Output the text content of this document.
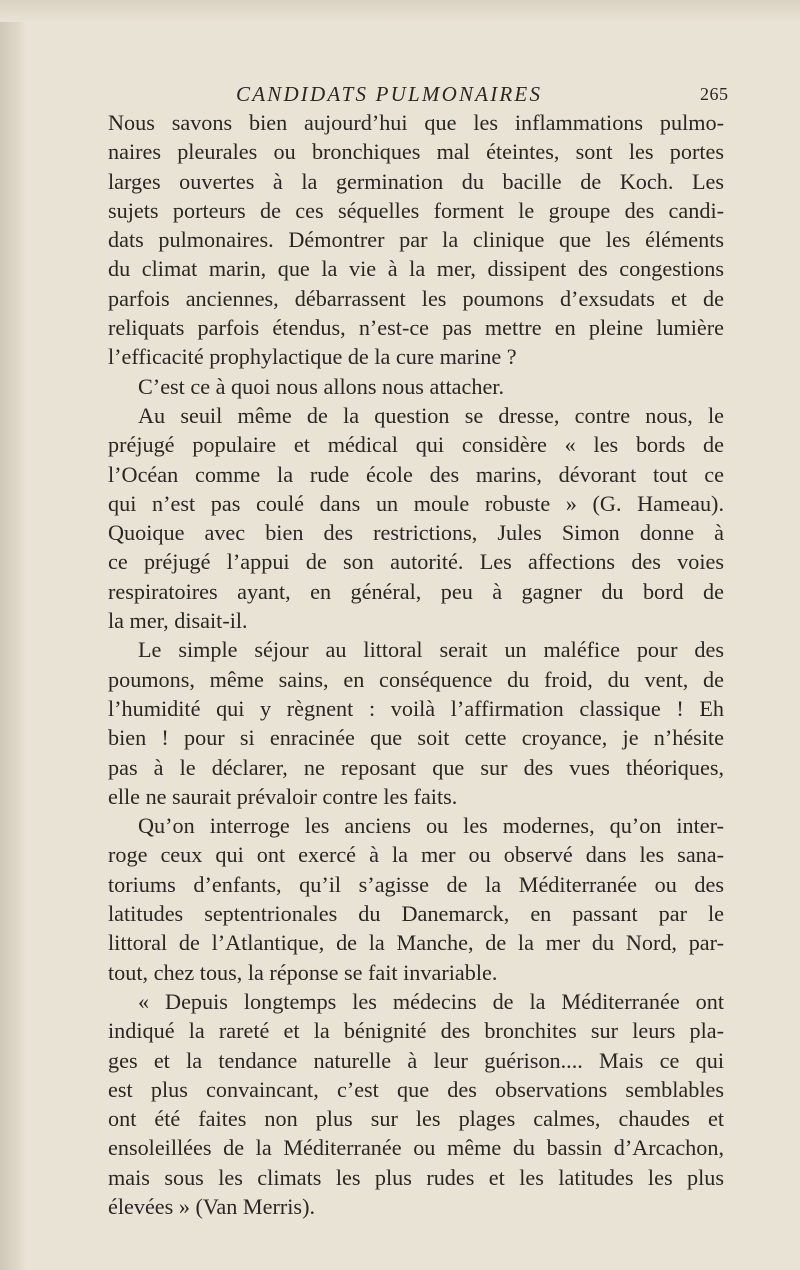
CANDIDATS PULMONAIRES	265
Nous savons bien aujourd’hui que les inflammations pulmo-
naires pleurales ou bronchiques mal éteintes, sont les portes
larges ouvertes à la germination du bacille de Koch. Les
sujets porteurs de ces séquelles forment le groupe des candi-
dats pulmonaires. Démontrer par la clinique que les éléments
du climat marin, que la vie à la mer, dissipent des congestions
parfois anciennes, débarrassent les poumons d’exsudats et de
reliquats parfois étendus, n’est-ce pas mettre en pleine lumière
l’efficacité prophylactique de la cure marine ?
C’est ce à quoi nous allons nous attacher.
Au seuil même de la question se dresse, contre nous, le
préjugé populaire et médical qui considère « les bords de
l’Océan comme la rude école des marins, dévorant tout ce
qui n’est pas coulé dans un moule robuste » (G. Hameau).
Quoique avec bien des restrictions, Jules Simon donne à
ce préjugé l’appui de son autorité. Les affections des voies
respiratoires ayant, en général, peu à gagner du bord de
la mer, disait-il.
Le simple séjour au littoral serait un maléfice pour des
poumons, même sains, en conséquence du froid, du vent, de
l’humidité qui y règnent : voilà l’affirmation classique ! Eh
bien ! pour si enracinée que soit cette croyance, je n’hésite
pas à le déclarer, ne reposant que sur des vues théoriques,
elle ne saurait prévaloir contre les faits.
Qu’on interroge les anciens ou les modernes, qu’on inter-
roge ceux qui ont exercé à la mer ou observé dans les sana-
toriums d’enfants, qu’il s’agisse de la Méditerranée ou des
latitudes septentrionales du Danemarck, en passant par le
littoral de l’Atlantique, de la Manche, de la mer du Nord, par-
tout, chez tous, la réponse se fait invariable.
« Depuis longtemps les médecins de la Méditerranée ont
indiqué la rareté et la bénignité des bronchites sur leurs pla-
ges et la tendance naturelle à leur guérison.... Mais ce qui
est plus convaincant, c’est que des observations semblables
ont été faites non plus sur les plages calmes, chaudes et
ensoleillées de la Méditerranée ou même du bassin d’Arcachon,
mais sous les climats les plus rudes et les latitudes les plus
élevées » (Van Merris).
